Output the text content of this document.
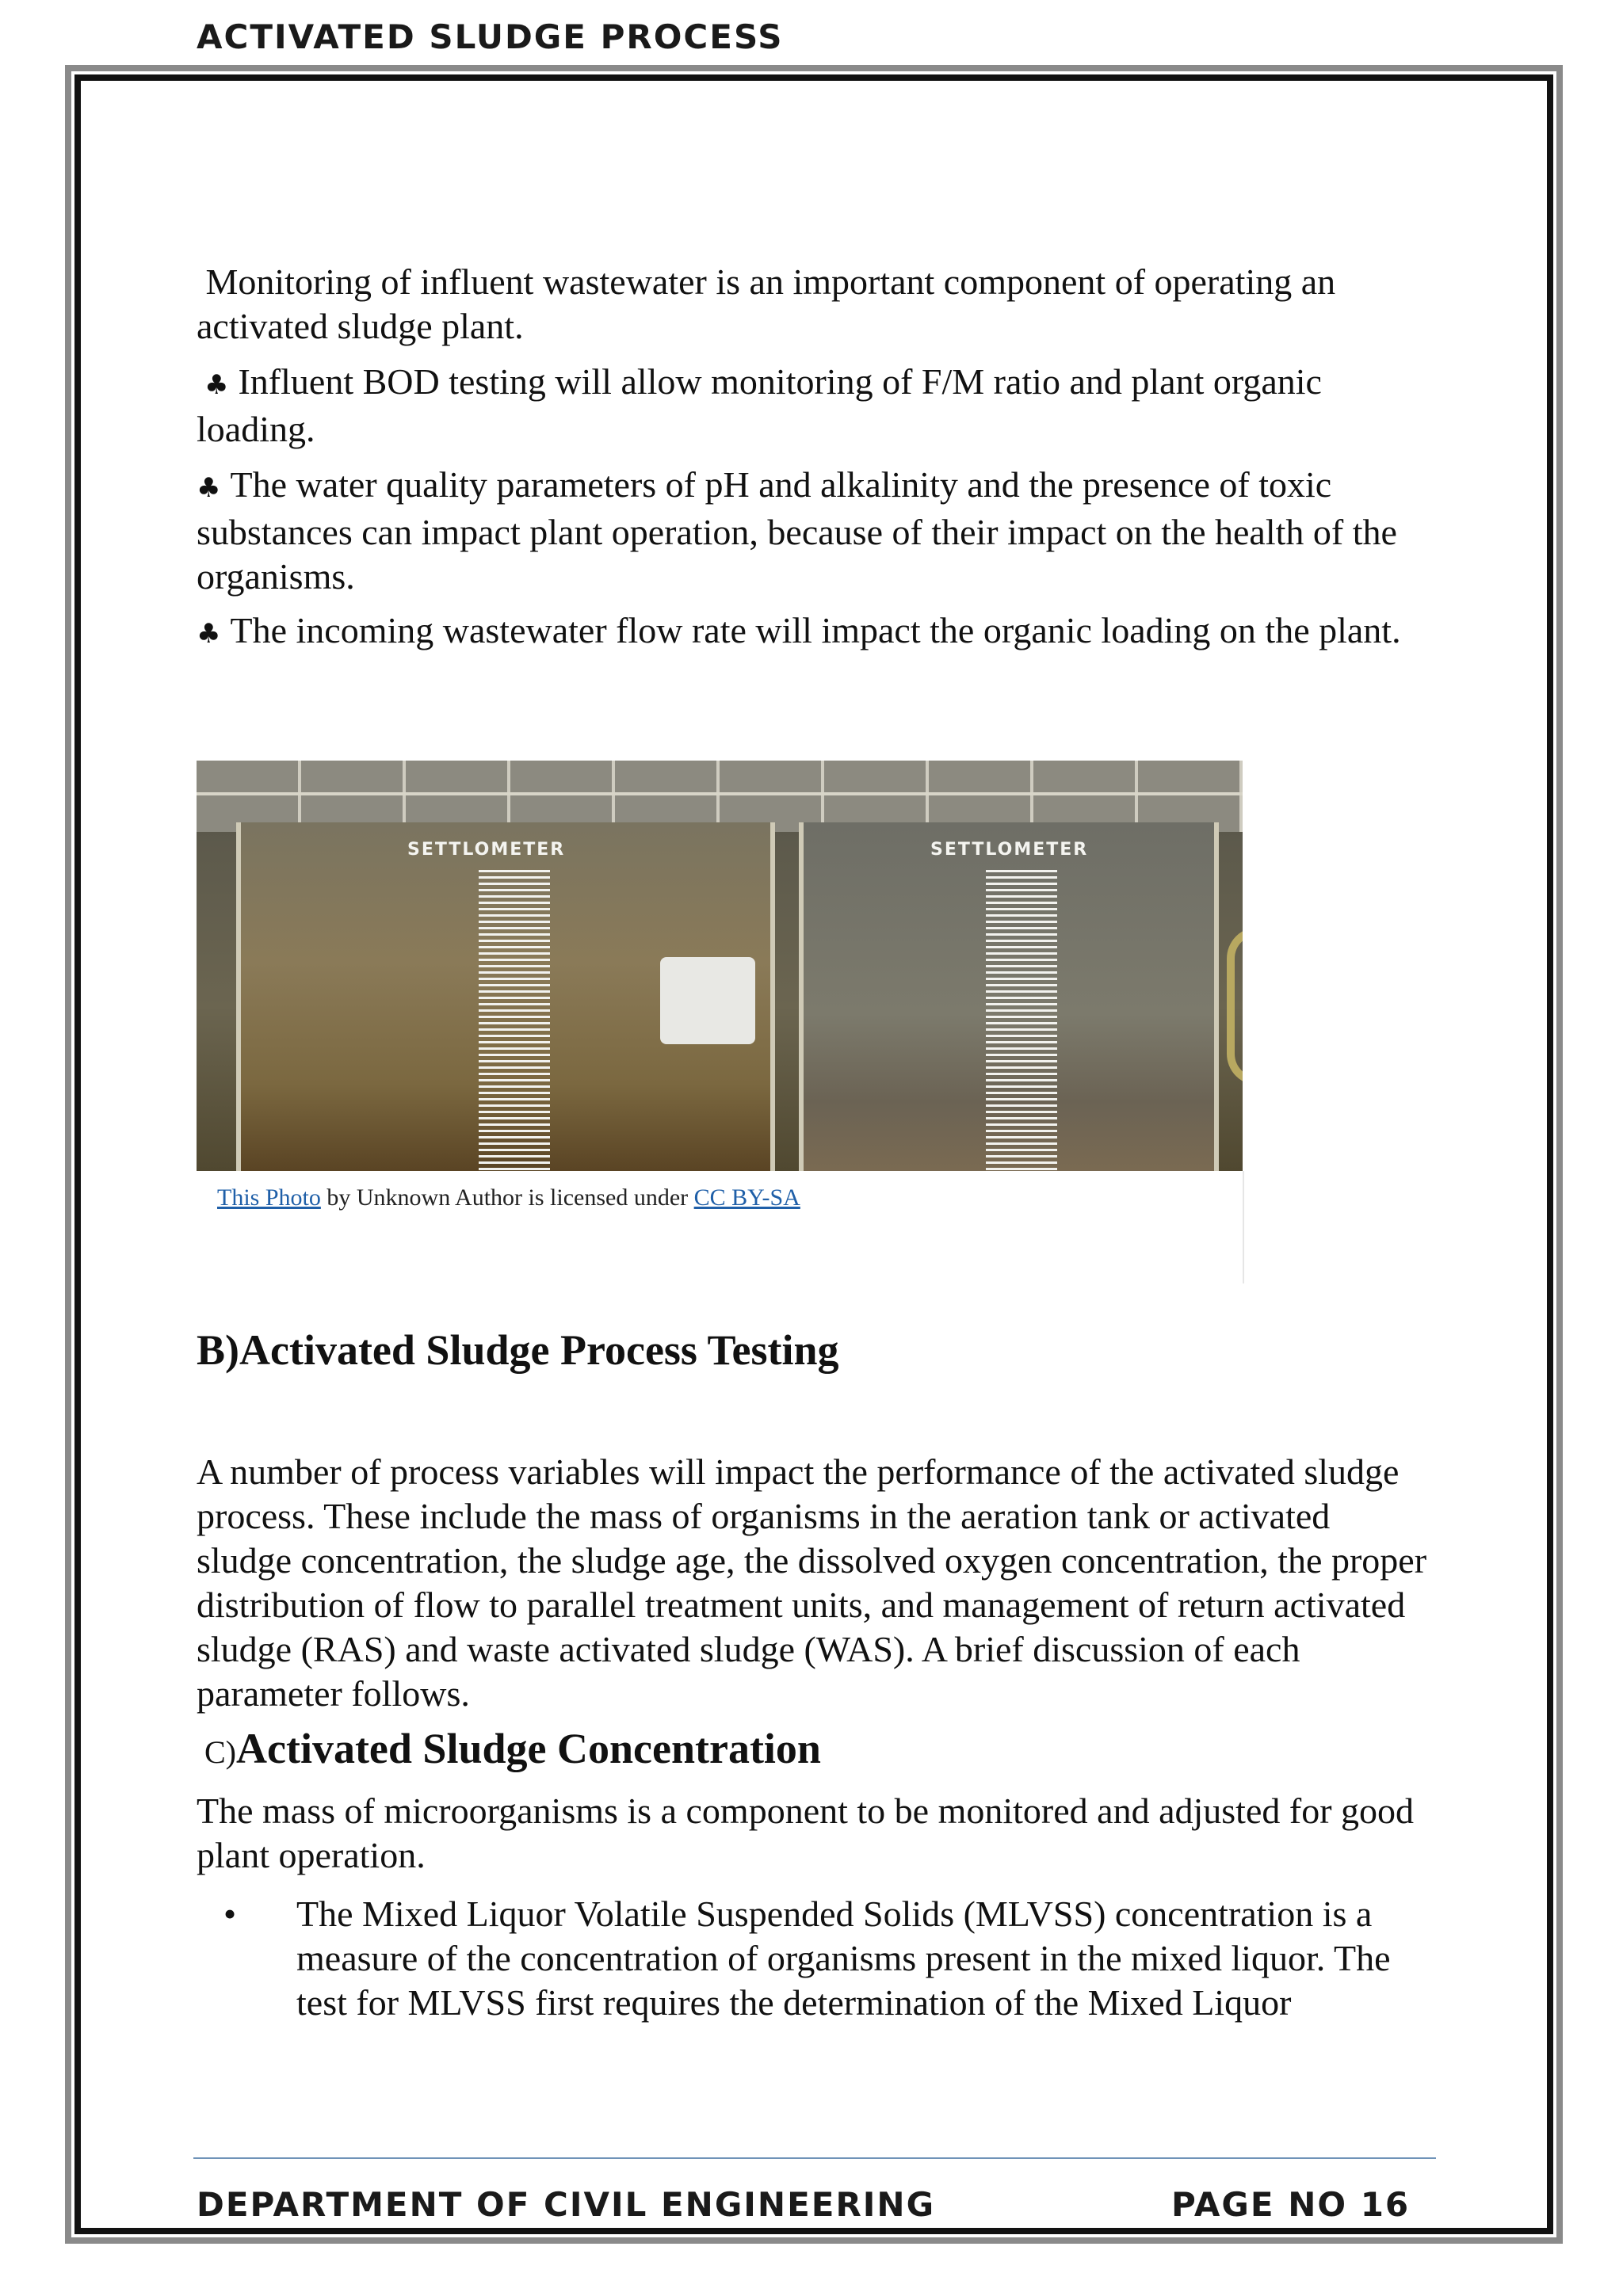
ACTIVATED SLUDGE PROCESS
Monitoring of influent wastewater is an important component of operating an activated sludge plant.
♣ Influent BOD testing will allow monitoring of F/M ratio and plant organic loading.
♣ The water quality parameters of pH and alkalinity and the presence of toxic substances can impact plant operation, because of their impact on the health of the organisms.
♣ The incoming wastewater flow rate will impact the organic loading on the plant.
SETTLOMETER	SETTLOMETER
This Photo by Unknown Author is licensed under CC BY-SA
B)Activated Sludge Process Testing
A number of process variables will impact the performance of the activated sludge process. These include the mass of organisms in the aeration tank or activated sludge concentration, the sludge age, the dissolved oxygen concentration, the proper distribution of flow to parallel treatment units, and management of return activated sludge (RAS) and waste activated sludge (WAS). A brief discussion of each parameter follows.
C)Activated Sludge Concentration
The mass of microorganisms is a component to be monitored and adjusted for good plant operation.
• The Mixed Liquor Volatile Suspended Solids (MLVSS) concentration is a measure of the concentration of organisms present in the mixed liquor. The test for MLVSS first requires the determination of the Mixed Liquor
DEPARTMENT OF CIVIL ENGINEERING	PAGE NO 16
